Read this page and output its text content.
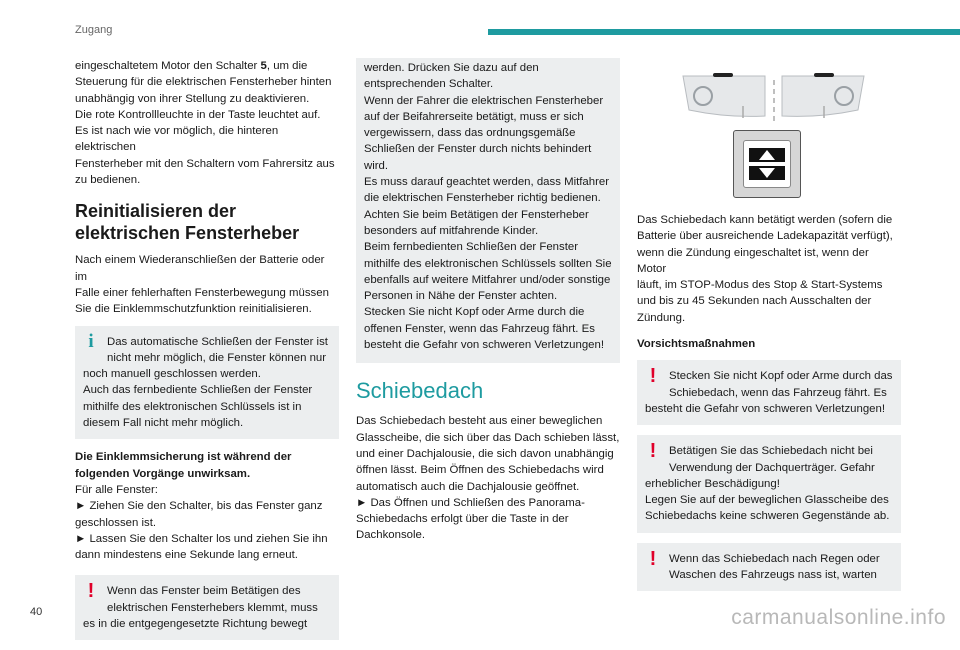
Zugang
eingeschaltetem Motor den Schalter 5, um die
Steuerung für die elektrischen Fensterheber hinten
unabhängig von ihrer Stellung zu deaktivieren.
Die rote Kontrollleuchte in der Taste leuchtet auf.
Es ist nach wie vor möglich, die hinteren elektrischen
Fensterheber mit den Schaltern vom Fahrersitz aus
zu bedienen.
Reinitialisieren der
elektrischen Fensterheber
Nach einem Wiederanschließen der Batterie oder im
Falle einer fehlerhaften Fensterbewegung müssen
Sie die Einklemmschutzfunktion reinitialisieren.
i	Das automatische Schließen der Fenster ist
nicht mehr möglich, die Fenster können nur
noch manuell geschlossen werden.
Auch das fernbediente Schließen der Fenster
mithilfe des elektronischen Schlüssels ist in
diesem Fall nicht mehr möglich.
Die Einklemmsicherung ist während der
folgenden Vorgänge unwirksam.
Für alle Fenster:
► Ziehen Sie den Schalter, bis das Fenster ganz
geschlossen ist.
► Lassen Sie den Schalter los und ziehen Sie ihn
dann mindestens eine Sekunde lang erneut.
!	Wenn das Fenster beim Betätigen des
elektrischen Fensterhebers klemmt, muss
es in die entgegengesetzte Richtung bewegt
werden. Drücken Sie dazu auf den
entsprechenden Schalter.
Wenn der Fahrer die elektrischen Fensterheber
auf der Beifahrerseite betätigt, muss er sich
vergewissern, dass das ordnungsgemäße
Schließen der Fenster durch nichts behindert
wird.
Es muss darauf geachtet werden, dass Mitfahrer
die elektrischen Fensterheber richtig bedienen.
Achten Sie beim Betätigen der Fensterheber
besonders auf mitfahrende Kinder.
Beim fernbedienten Schließen der Fenster
mithilfe des elektronischen Schlüssels sollten Sie
ebenfalls auf weitere Mitfahrer und/oder sonstige
Personen in Nähe der Fenster achten.
Stecken Sie nicht Kopf oder Arme durch die
offenen Fenster, wenn das Fahrzeug fährt. Es
besteht die Gefahr von schweren Verletzungen!
Schiebedach
Das Schiebedach besteht aus einer beweglichen
Glasscheibe, die sich über das Dach schieben lässt,
und einer Dachjalousie, die sich davon unabhängig
öffnen lässt. Beim Öffnen des Schiebedachs wird
automatisch auch die Dachjalousie geöffnet.
► Das Öffnen und Schließen des Panorama-
Schiebedachs erfolgt über die Taste in der
Dachkonsole.
Das Schiebedach kann betätigt werden (sofern die
Batterie über ausreichende Ladekapazität verfügt),
wenn die Zündung eingeschaltet ist, wenn der Motor
läuft, im STOP-Modus des Stop & Start-Systems
und bis zu 45 Sekunden nach Ausschalten der
Zündung.
Vorsichtsmaßnahmen
!	Stecken Sie nicht Kopf oder Arme durch das
Schiebedach, wenn das Fahrzeug fährt. Es
besteht die Gefahr von schweren Verletzungen!
!	Betätigen Sie das Schiebedach nicht bei
Verwendung der Dachquerträger. Gefahr
erheblicher Beschädigung!
Legen Sie auf der beweglichen Glasscheibe des
Schiebedachs keine schweren Gegenstände ab.
!	Wenn das Schiebedach nach Regen oder
Waschen des Fahrzeugs nass ist, warten
40	carmanualsonline.info
